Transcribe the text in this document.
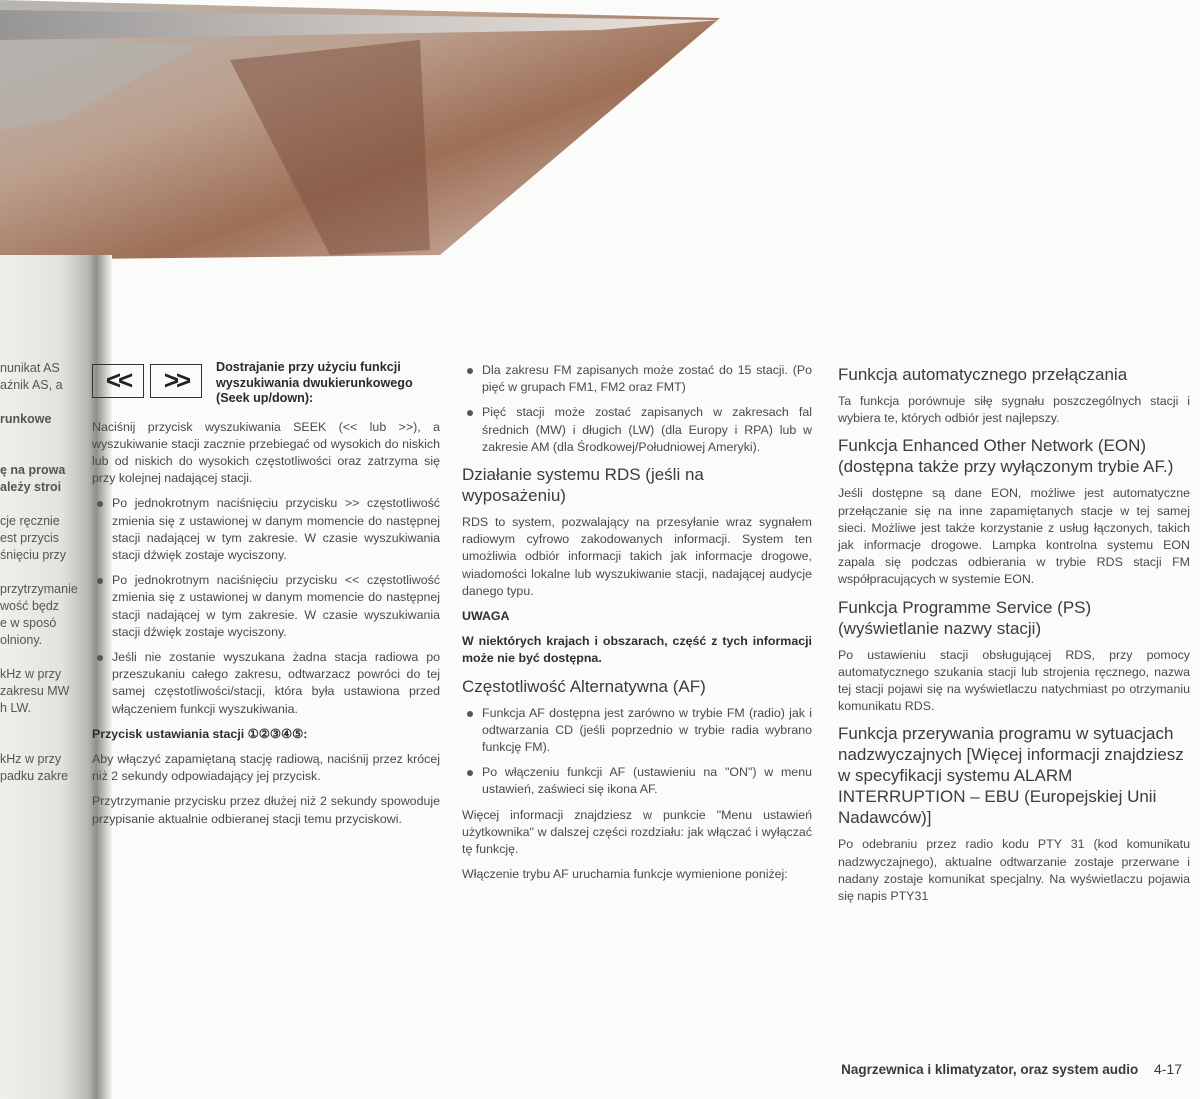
nunikat AS
aźnik AS, a

runkowe

ę na prowa
ależy stroi

cje ręcznie
est przycis
śnięciu przy

przytrzymanie
wość będz
e w sposó
olniony.

kHz w przy
zakresu MW
h LW.

kHz w przy
padku zakre
<<	>>	Dostrajanie przy użyciu funkcji wyszukiwania dwukierunkowego (Seek up/down):

Naciśnij przycisk wyszukiwania SEEK (<< lub >>), a wyszukiwanie stacji zacznie przebiegać od wysokich do niskich lub od niskich do wysokich częstotliwości oraz zatrzyma się przy kolejnej nadającej stacji.

Po jednokrotnym naciśnięciu przycisku >> częstotliwość zmienia się z ustawionej w danym momencie do następnej stacji nadającej w tym zakresie. W czasie wyszukiwania stacji dźwięk zostaje wyciszony.
Po jednokrotnym naciśnięciu przycisku << częstotliwość zmienia się z ustawionej w danym momencie do następnej stacji nadającej w tym zakresie. W czasie wyszukiwania stacji dźwięk zostaje wyciszony.
Jeśli nie zostanie wyszukana żadna stacja radiowa po przeszukaniu całego zakresu, odtwarzacz powróci do tej samej częstotliwości/stacji, która była ustawiona przed włączeniem funkcji wyszukiwania.

Przycisk ustawiania stacji ①②③④⑤:

Aby włączyć zapamiętaną stację radiową, naciśnij przez krócej niż 2 sekundy odpowiadający jej przycisk.

Przytrzymanie przycisku przez dłużej niż 2 sekundy spowoduje przypisanie aktualnie odbieranej stacji temu przyciskowi.

Dla zakresu FM zapisanych może zostać do 15 stacji. (Po pięć w grupach FM1, FM2 oraz FMT)
Pięć stacji może zostać zapisanych w zakresach fal średnich (MW) i długich (LW) (dla Europy i RPA) lub w zakresie AM (dla Środkowej/Południowej Ameryki).
Działanie systemu RDS (jeśli na wyposażeniu)

RDS to system, pozwalający na przesyłanie wraz sygnałem radiowym cyfrowo zakodowanych informacji. System ten umożliwia odbiór informacji takich jak informacje drogowe, wiadomości lokalne lub wyszukiwanie stacji, nadającej audycje danego typu.

UWAGA

W niektórych krajach i obszarach, część z tych informacji może nie być dostępna.

Częstotliwość Alternatywna (AF)
Funkcja AF dostępna jest zarówno w trybie FM (radio) jak i odtwarzania CD (jeśli poprzednio w trybie radia wybrano funkcję FM).
Po włączeniu funkcji AF (ustawieniu na "ON") w menu ustawień, zaświeci się ikona AF.

Więcej informacji znajdziesz w punkcie "Menu ustawień użytkownika" w dalszej części rozdziału: jak włączać i wyłączać tę funkcję.

Włączenie trybu AF uruchamia funkcje wymienione poniżej:

Funkcja automatycznego przełączania

Ta funkcja porównuje siłę sygnału poszczególnych stacji i wybiera te, których odbiór jest najlepszy.

Funkcja Enhanced Other Network (EON) (dostępna także przy wyłączonym trybie AF.)

Jeśli dostępne są dane EON, możliwe jest automatyczne przełączanie się na inne zapamiętanych stacje w tej samej sieci. Możliwe jest także korzystanie z usług łączonych, takich jak informacje drogowe. Lampka kontrolna systemu EON zapala się podczas odbierania w trybie RDS stacji FM współpracujących w systemie EON.

Funkcja Programme Service (PS) (wyświetlanie nazwy stacji)

Po ustawieniu stacji obsługującej RDS, przy pomocy automatycznego szukania stacji lub strojenia ręcznego, nazwa tej stacji pojawi się na wyświetlaczu natychmiast po otrzymaniu komunikatu RDS.

Funkcja przerywania programu w sytuacjach nadzwyczajnych [Więcej informacji znajdziesz w specyfikacji systemu ALARM INTERRUPTION – EBU (Europejskiej Unii Nadawców)]

Po odebraniu przez radio kodu PTY 31 (kod komunikatu nadzwyczajnego), aktualne odtwarzanie zostaje przerwane i nadany zostaje komunikat specjalny. Na wyświetlaczu pojawia się napis PTY31

Nagrzewnica i klimatyzator, oraz system audio 4-17
